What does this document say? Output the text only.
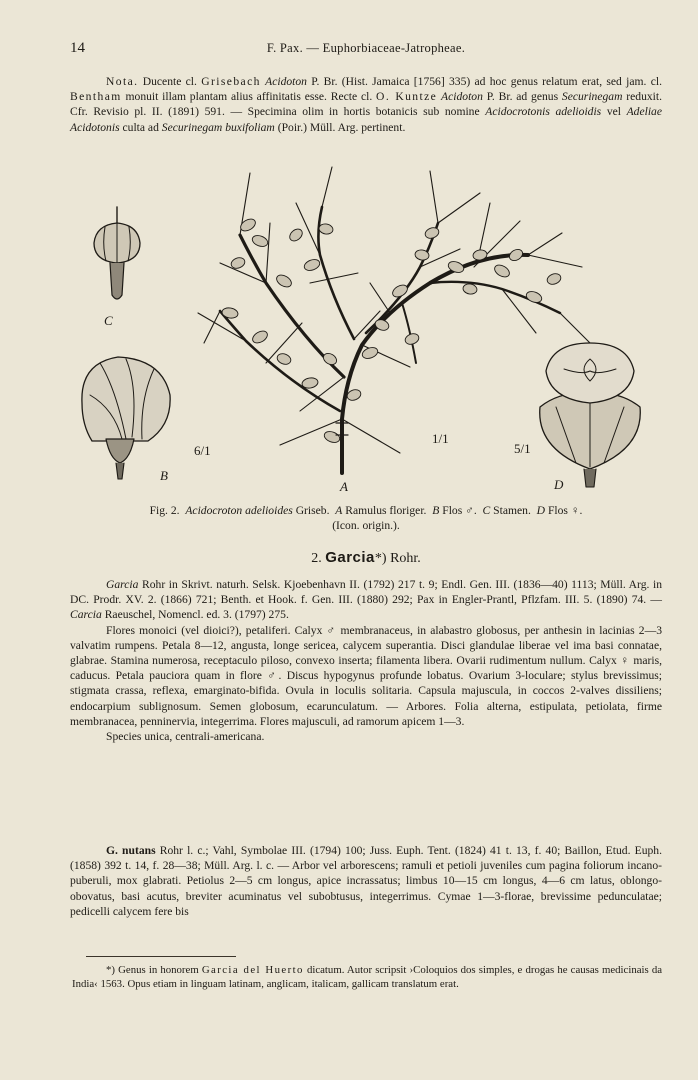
14	F. Pax. — Euphorbiaceae-Jatropheae.

Nota. Ducente cl. Grisebach Acidoton P. Br. (Hist. Jamaica [1756] 335) ad hoc genus relatum erat, sed jam. cl. Bentham monuit illam plantam alius affinitatis esse. Recte cl. O. Kuntze Acidoton P. Br. ad genus Securinegam reduxit. Cfr. Revisio pl. II. (1891) 591. — Specimina olim in hortis botanicis sub nomine Acidocrotonis adelioidis vel Adeliae Acidotonis culta ad Securinegam buxifoliam (Poir.) Müll. Arg. pertinent.

C
B
A	D
6/1
1/1
5/1
Fig. 2. Acidocroton adelioides Griseb. A Ramulus floriger. B Flos ♂. C Stamen. D Flos ♀.
(Icon. origin.).
2. Garcia*) Rohr.

Garcia Rohr in Skrivt. naturh. Selsk. Kjoebenhavn II. (1792) 217 t. 9; Endl. Gen. III. (1836—40) 1113; Müll. Arg. in DC. Prodr. XV. 2. (1866) 721; Benth. et Hook. f. Gen. III. (1880) 292; Pax in Engler-Prantl, Pflzfam. III. 5. (1890) 74. — Carcia Raeuschel, Nomencl. ed. 3. (1797) 275.

Flores monoici (vel dioici?), petaliferi. Calyx ♂ membranaceus, in alabastro globosus, per anthesin in lacinias 2—3 valvatim rumpens. Petala 8—12, angusta, longe sericea, calycem superantia. Disci glandulae liberae vel ima basi connatae, glabrae. Stamina numerosa, receptaculo piloso, convexo inserta; filamenta libera. Ovarii rudimentum nullum. Calyx ♀ maris, caducus. Petala pauciora quam in flore ♂. Discus hypogynus profunde lobatus. Ovarium 3-loculare; stylus brevissimus; stigmata crassa, reflexa, emarginato-bifida. Ovula in loculis solitaria. Capsula majuscula, in coccos 2-valves dissiliens; endocarpium sublignosum. Semen globosum, ecarunculatum. — Arbores. Folia alterna, estipulata, petiolata, firme membranacea, penninervia, integerrima. Flores majusculi, ad ramorum apicem 1—3.

Species unica, centrali-americana.

G. nutans Rohr l. c.; Vahl, Symbolae III. (1794) 100; Juss. Euph. Tent. (1824) 41 t. 13, f. 40; Baillon, Etud. Euph. (1858) 392 t. 14, f. 28—38; Müll. Arg. l. c. — Arbor vel arborescens; ramuli et petioli juveniles cum pagina foliorum incano-puberuli, mox glabrati. Petiolus 2—5 cm longus, apice incrassatus; limbus 10—15 cm longus, 4—6 cm latus, oblongo-obovatus, basi acutus, breviter acuminatus vel subobtusus, integerrimus. Cymae 1—3-florae, brevissime pedunculatae; pedicelli calycem fere bis

*) Genus in honorem Garcia del Huerto dicatum. Autor scripsit ›Coloquios dos simples, e drogas he causas medicinais da India‹ 1563. Opus etiam in linguam latinam, anglicam, italicam, gallicam translatum erat.
